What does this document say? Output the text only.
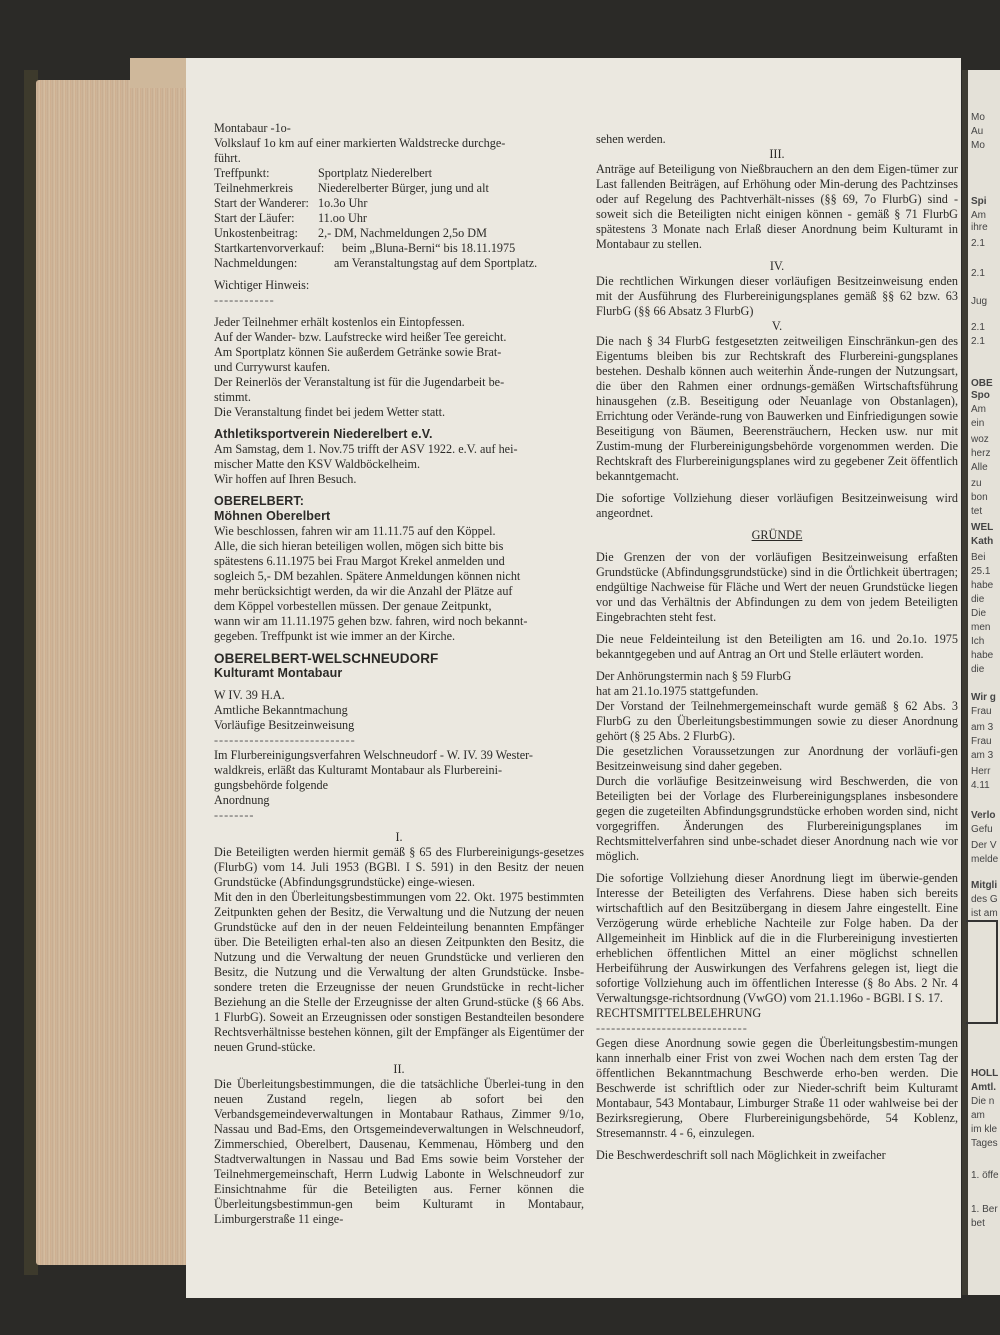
Montabaur -1o-

Volkslauf 1o km auf einer markierten Waldstrecke durchge-

führt.

Treffpunkt:	Sportplatz Niederelbert
Teilnehmerkreis	Niederelberter Bürger, jung und alt
Start der Wanderer: 1o.3o Uhr
Start der Läufer:	11.oo Uhr
Unkostenbeitrag:	2,- DM, Nachmeldungen 2,5o DM
Startkartenvorverkauf:	beim „Bluna-Berni“ bis 18.11.1975
Nachmeldungen:	am Veranstaltungstag auf dem Sportplatz.

Wichtiger Hinweis:

------------

Jeder Teilnehmer erhält kostenlos ein Eintopfessen.

Auf der Wander- bzw. Laufstrecke wird heißer Tee gereicht.

Am Sportplatz können Sie außerdem Getränke sowie Brat-

und Currywurst kaufen.

Der Reinerlös der Veranstaltung ist für die Jugendarbeit be-

stimmt.

Die Veranstaltung findet bei jedem Wetter statt.

Athletiksportverein Niederelbert e.V.

Am Samstag, dem 1. Nov.75 trifft der ASV 1922. e.V. auf hei-

mischer Matte den KSV Waldböckelheim.

Wir hoffen auf Ihren Besuch.

OBERELBERT:

Möhnen Oberelbert

Wie beschlossen, fahren wir am 11.11.75 auf den Köppel.

Alle, die sich hieran beteiligen wollen, mögen sich bitte bis

spätestens 6.11.1975 bei Frau Margot Krekel anmelden und

sogleich 5,- DM bezahlen. Spätere Anmeldungen können nicht

mehr berücksichtigt werden, da wir die Anzahl der Plätze auf

dem Köppel vorbestellen müssen. Der genaue Zeitpunkt,

wann wir am 11.11.1975 gehen bzw. fahren, wird noch bekannt-

gegeben. Treffpunkt ist wie immer an der Kirche.

OBERELBERT-WELSCHNEUDORF

Kulturamt Montabaur

W IV. 39 H.A.

Amtliche Bekanntmachung

Vorläufige Besitzeinweisung

----------------------------

Im Flurbereinigungsverfahren Welschneudorf - W. IV. 39 Wester-

waldkreis, erläßt das Kulturamt Montabaur als Flurbereini-

gungsbehörde folgende

Anordnung

--------

I.

Die Beteiligten werden hiermit gemäß § 65 des Flurbereinigungs-gesetzes (FlurbG) vom 14. Juli 1953 (BGBl. I S. 591) in den Besitz der neuen Grundstücke (Abfindungsgrundstücke) einge-wiesen.

Mit den in den Überleitungsbestimmungen vom 22. Okt. 1975 bestimmten Zeitpunkten gehen der Besitz, die Verwaltung und die Nutzung der neuen Grundstücke auf den in der neuen Feldeinteilung benannten Empfänger über. Die Beteiligten erhal-ten also an diesen Zeitpunkten den Besitz, die Nutzung und die Verwaltung der neuen Grundstücke und verlieren den Besitz, die Nutzung und die Verwaltung der alten Grundstücke. Insbe-sondere treten die Erzeugnisse der neuen Grundstücke in recht-licher Beziehung an die Stelle der Erzeugnisse der alten Grund-stücke (§ 66 Abs. 1 FlurbG). Soweit an Erzeugnissen oder sonstigen Bestandteilen besondere Rechtsverhältnisse bestehen können, gilt der Empfänger als Eigentümer der neuen Grund-stücke.

II.

Die Überleitungsbestimmungen, die die tatsächliche Überlei-tung in den neuen Zustand regeln, liegen ab sofort bei den Verbandsgemeindeverwaltungen in Montabaur Rathaus, Zimmer 9/1o, Nassau und Bad-Ems, den Ortsgemeindeverwaltungen in Welschneudorf, Zimmerschied, Oberelbert, Dausenau, Kemmenau, Hömberg und den Stadtverwaltungen in Nassau und Bad Ems sowie beim Vorsteher der Teilnehmergemeinschaft, Herrn Ludwig Labonte in Welschneudorf zur Einsichtnahme für die Beteiligten aus. Ferner können die Überleitungsbestimmun-gen beim Kulturamt in Montabaur, Limburgerstraße 11 einge-

sehen werden.

III.

Anträge auf Beteiligung von Nießbrauchern an den dem Eigen-tümer zur Last fallenden Beiträgen, auf Erhöhung oder Min-derung des Pachtzinses oder auf Regelung des Pachtverhält-nisses (§§ 69, 7o FlurbG) sind - soweit sich die Beteiligten nicht einigen können - gemäß § 71 FlurbG spätestens 3 Monate nach Erlaß dieser Anordnung beim Kulturamt in Montabaur zu stellen.

IV.

Die rechtlichen Wirkungen dieser vorläufigen Besitzeinweisung enden mit der Ausführung des Flurbereinigungsplanes gemäß §§ 62 bzw. 63 FlurbG (§§ 66 Absatz 3 FlurbG)

V.

Die nach § 34 FlurbG festgesetzten zeitweiligen Einschränkun-gen des Eigentums bleiben bis zur Rechtskraft des Flurbereini-gungsplanes bestehen. Deshalb können auch weiterhin Ände-rungen der Nutzungsart, die über den Rahmen einer ordnungs-gemäßen Wirtschaftsführung hinausgehen (z.B. Beseitigung oder Neuanlage von Obstanlagen), Errichtung oder Verände-rung von Bauwerken und Einfriedigungen sowie Beseitigung von Bäumen, Beerensträuchern, Hecken usw. nur mit Zustim-mung der Flurbereinigungsbehörde vorgenommen werden. Die Rechtskraft des Flurbereinigungsplanes wird zu gegebener Zeit öffentlich bekanntgemacht.

Die sofortige Vollziehung dieser vorläufigen Besitzeinweisung wird angeordnet.

GRÜNDE

Die Grenzen der von der vorläufigen Besitzeinweisung erfaßten Grundstücke (Abfindungsgrundstücke) sind in die Örtlichkeit übertragen; endgültige Nachweise für Fläche und Wert der neuen Grundstücke liegen vor und das Verhältnis der Abfindungen zu dem von jedem Beteiligten Eingebrachten steht fest.

Die neue Feldeinteilung ist den Beteiligten am 16. und 2o.1o. 1975 bekanntgegeben und auf Antrag an Ort und Stelle erläutert worden.

Der Anhörungstermin nach § 59 FlurbG

hat am 21.1o.1975 stattgefunden.

Der Vorstand der Teilnehmergemeinschaft wurde gemäß § 62 Abs. 3 FlurbG zu den Überleitungsbestimmungen sowie zu dieser Anordnung gehört (§ 25 Abs. 2 FlurbG).

Die gesetzlichen Voraussetzungen zur Anordnung der vorläufi-gen Besitzeinweisung sind daher gegeben.

Durch die vorläufige Besitzeinweisung wird Beschwerden, die von Beteiligten bei der Vorlage des Flurbereinigungsplanes insbesondere gegen die zugeteilten Abfindungsgrundstücke erhoben worden sind, nicht vorgegriffen. Änderungen des Flurbereinigungsplanes im Rechtsmittelverfahren sind unbe-schadet dieser Anordnung nach wie vor möglich.

Die sofortige Vollziehung dieser Anordnung liegt im überwie-genden Interesse der Beteiligten des Verfahrens. Diese haben sich bereits wirtschaftlich auf den Besitzübergang in diesem Jahre eingestellt. Eine Verzögerung würde erhebliche Nachteile zur Folge haben. Da der Allgemeinheit im Hinblick auf die in die Flurbereinigung investierten erheblichen öffentlichen Mittel an einer möglichst schnellen Herbeiführung der Auswirkungen des Verfahrens gelegen ist, liegt die sofortige Vollziehung auch im öffentlichen Interesse (§ 8o Abs. 2 Nr. 4 Verwaltungsge-richtsordnung (VwGO) vom 21.1.196o - BGBl. I S. 17.

RECHTSMITTELBELEHRUNG

------------------------------

Gegen diese Anordnung sowie gegen die Überleitungsbestim-mungen kann innerhalb einer Frist von zwei Wochen nach dem ersten Tag der öffentlichen Bekanntmachung Beschwerde erho-ben werden. Die Beschwerde ist schriftlich oder zur Nieder-schrift beim Kulturamt Montabaur, 543 Montabaur, Limburger Straße 11 oder wahlweise bei der Bezirksregierung, Obere Flurbereinigungsbehörde, 54 Koblenz, Stresemannstr. 4 - 6, einzulegen.

Die Beschwerdeschrift soll nach Möglichkeit in zweifacher

Mo
Au
Mo
Spi
Am
ihre
2.1
2.1
Jug
2.1
2.1
OBE
Spo
Am
ein
woz
herz
Alle
zu
bon
tet
WEL
Kath
Bei
25.1
habe
die
Die
men
Ich
habe
die
Wir g
Frau
am 3
Frau
am 3
Herr
4.11
Verlo
Gefu
Der V
melde
Mitgli
des G
ist am
HOLL
Amtl.
Die n
am
im kle
Tages
1. öffe
1. Ber
bet
